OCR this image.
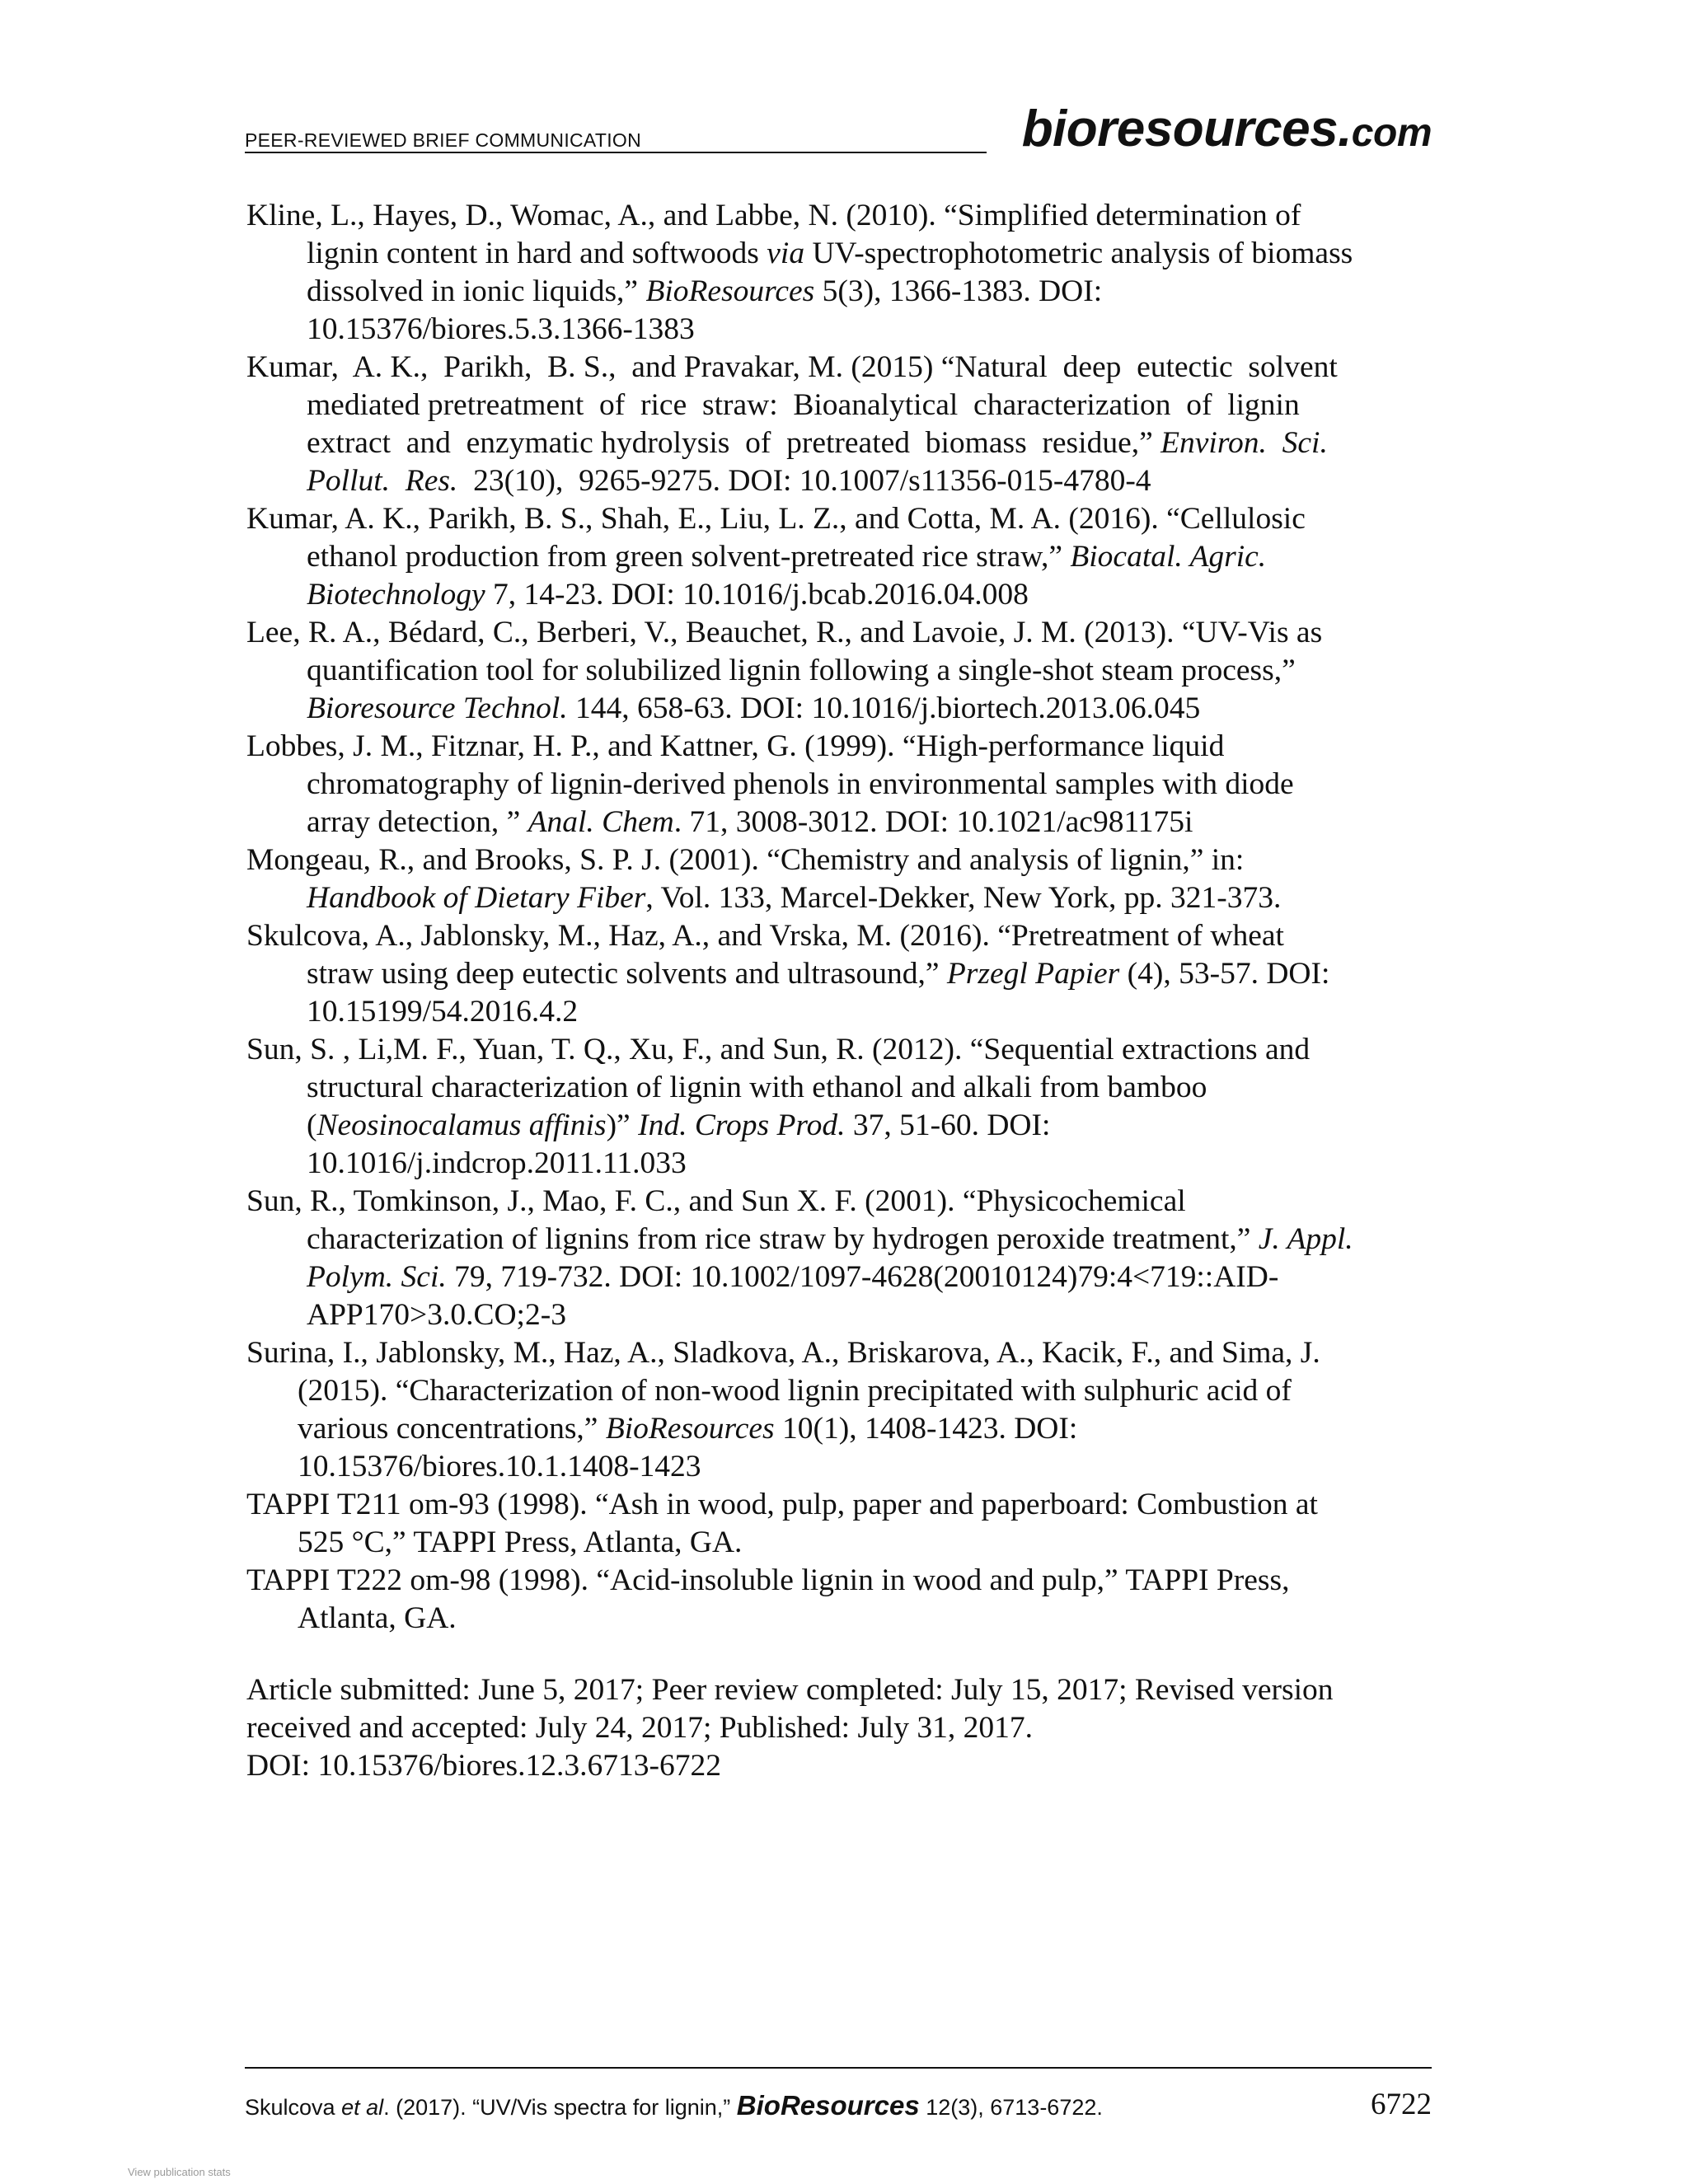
PEER-REVIEWED BRIEF COMMUNICATION	bioresources.com
Kline, L., Hayes, D., Womac, A., and Labbe, N. (2010). “Simplified determination of
lignin content in hard and softwoods via UV-spectrophotometric analysis of biomass
dissolved in ionic liquids,” BioResources 5(3), 1366-1383. DOI:
10.15376/biores.5.3.1366-1383
Kumar,  A. K.,  Parikh,  B. S.,  and Pravakar, M. (2015) “Natural  deep  eutectic  solvent
mediated pretreatment  of  rice  straw:  Bioanalytical  characterization  of  lignin
extract  and  enzymatic hydrolysis  of  pretreated  biomass  residue,” Environ.  Sci.
Pollut.  Res.  23(10),  9265-9275. DOI: 10.1007/s11356-015-4780-4
Kumar, A. K., Parikh, B. S., Shah, E., Liu, L. Z., and Cotta, M. A. (2016). “Cellulosic
ethanol production from green solvent-pretreated rice straw,” Biocatal. Agric.
Biotechnology 7, 14-23. DOI: 10.1016/j.bcab.2016.04.008
Lee, R. A., Bédard, C., Berberi, V., Beauchet, R., and Lavoie, J. M. (2013). “UV-Vis as
quantification tool for solubilized lignin following a single-shot steam process,”
Bioresource Technol. 144, 658-63. DOI: 10.1016/j.biortech.2013.06.045
Lobbes, J. M., Fitznar, H. P., and Kattner, G. (1999). “High-performance liquid
chromatography of lignin-derived phenols in environmental samples with diode
array detection, ” Anal. Chem. 71, 3008-3012. DOI: 10.1021/ac981175i
Mongeau, R., and Brooks, S. P. J. (2001). “Chemistry and analysis of lignin,” in:
Handbook of Dietary Fiber, Vol. 133, Marcel-Dekker, New York, pp. 321-373.
Skulcova, A., Jablonsky, M., Haz, A., and Vrska, M. (2016). “Pretreatment of wheat
straw using deep eutectic solvents and ultrasound,” Przegl Papier (4), 53-57. DOI:
10.15199/54.2016.4.2
Sun, S. , Li,M. F., Yuan, T. Q., Xu, F., and Sun, R. (2012). “Sequential extractions and
structural characterization of lignin with ethanol and alkali from bamboo
(Neosinocalamus affinis)” Ind. Crops Prod. 37, 51-60. DOI:
10.1016/j.indcrop.2011.11.033
Sun, R., Tomkinson, J., Mao, F. C., and Sun X. F. (2001). “Physicochemical
characterization of lignins from rice straw by hydrogen peroxide treatment,” J. Appl.
Polym. Sci. 79, 719-732. DOI: 10.1002/1097-4628(20010124)79:4<719::AID-
APP170>3.0.CO;2-3
Surina, I., Jablonsky, M., Haz, A., Sladkova, A., Briskarova, A., Kacik, F., and Sima, J.
(2015). “Characterization of non-wood lignin precipitated with sulphuric acid of
various concentrations,” BioResources 10(1), 1408-1423. DOI:
10.15376/biores.10.1.1408-1423
TAPPI T211 om-93 (1998). “Ash in wood, pulp, paper and paperboard: Combustion at
525 °C,” TAPPI Press, Atlanta, GA.
TAPPI T222 om-98 (1998). “Acid-insoluble lignin in wood and pulp,” TAPPI Press,
Atlanta, GA.
Article submitted: June 5, 2017; Peer review completed: July 15, 2017; Revised version
received and accepted: July 24, 2017; Published: July 31, 2017.
DOI: 10.15376/biores.12.3.6713-6722
Skulcova et al. (2017). “UV/Vis spectra for lignin,” BioResources 12(3), 6713-6722.	6722
View publication stats
